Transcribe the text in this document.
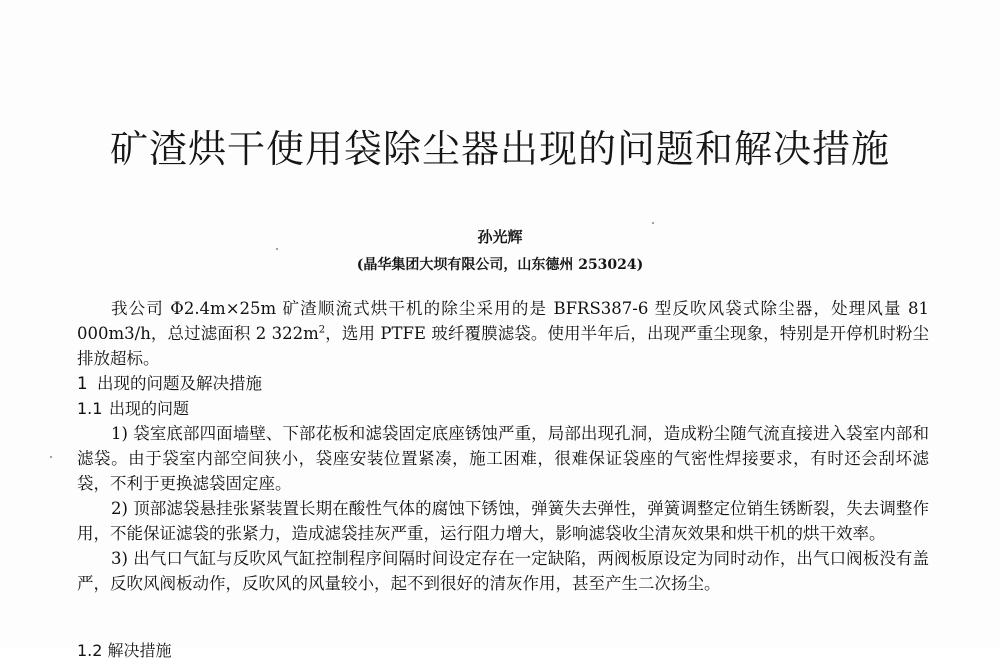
矿渣烘干使用袋除尘器出现的问题和解决措施
孙光辉
(晶华集团大坝有限公司，山东德州 253024)

我公司 Φ2.4m×25m 矿渣顺流式烘干机的除尘采用的是 BFRS387-6 型反吹风袋式除尘器，处理风量 81 000m3/h，总过滤面积 2 $322m^2$，选用 PTFE 玻纤覆膜滤袋。使用半年后，出现严重尘现象，特别是开停机时粉尘排放超标。

1 出现的问题及解决措施

1.1 出现的问题

1) 袋室底部四面墙壁、下部花板和滤袋固定底座锈蚀严重，局部出现孔洞，造成粉尘随气流直接进入袋室内部和滤袋。由于袋室内部空间狭小，袋座安装位置紧凑，施工困难，很难保证袋座的气密性焊接要求，有时还会刮坏滤袋，不利于更换滤袋固定座。

2) 顶部滤袋悬挂张紧装置长期在酸性气体的腐蚀下锈蚀，弹簧失去弹性，弹簧调整定位销生锈断裂，失去调整作用，不能保证滤袋的张紧力，造成滤袋挂灰严重，运行阻力增大，影响滤袋收尘清灰效果和烘干机的烘干效率。

3) 出气口气缸与反吹风气缸控制程序间隔时间设定存在一定缺陷，两阀板原设定为同时动作，出气口阀板没有盖严，反吹风阀板动作，反吹风的风量较小，起不到很好的清灰作用，甚至产生二次扬尘。

1.2 解决措施
